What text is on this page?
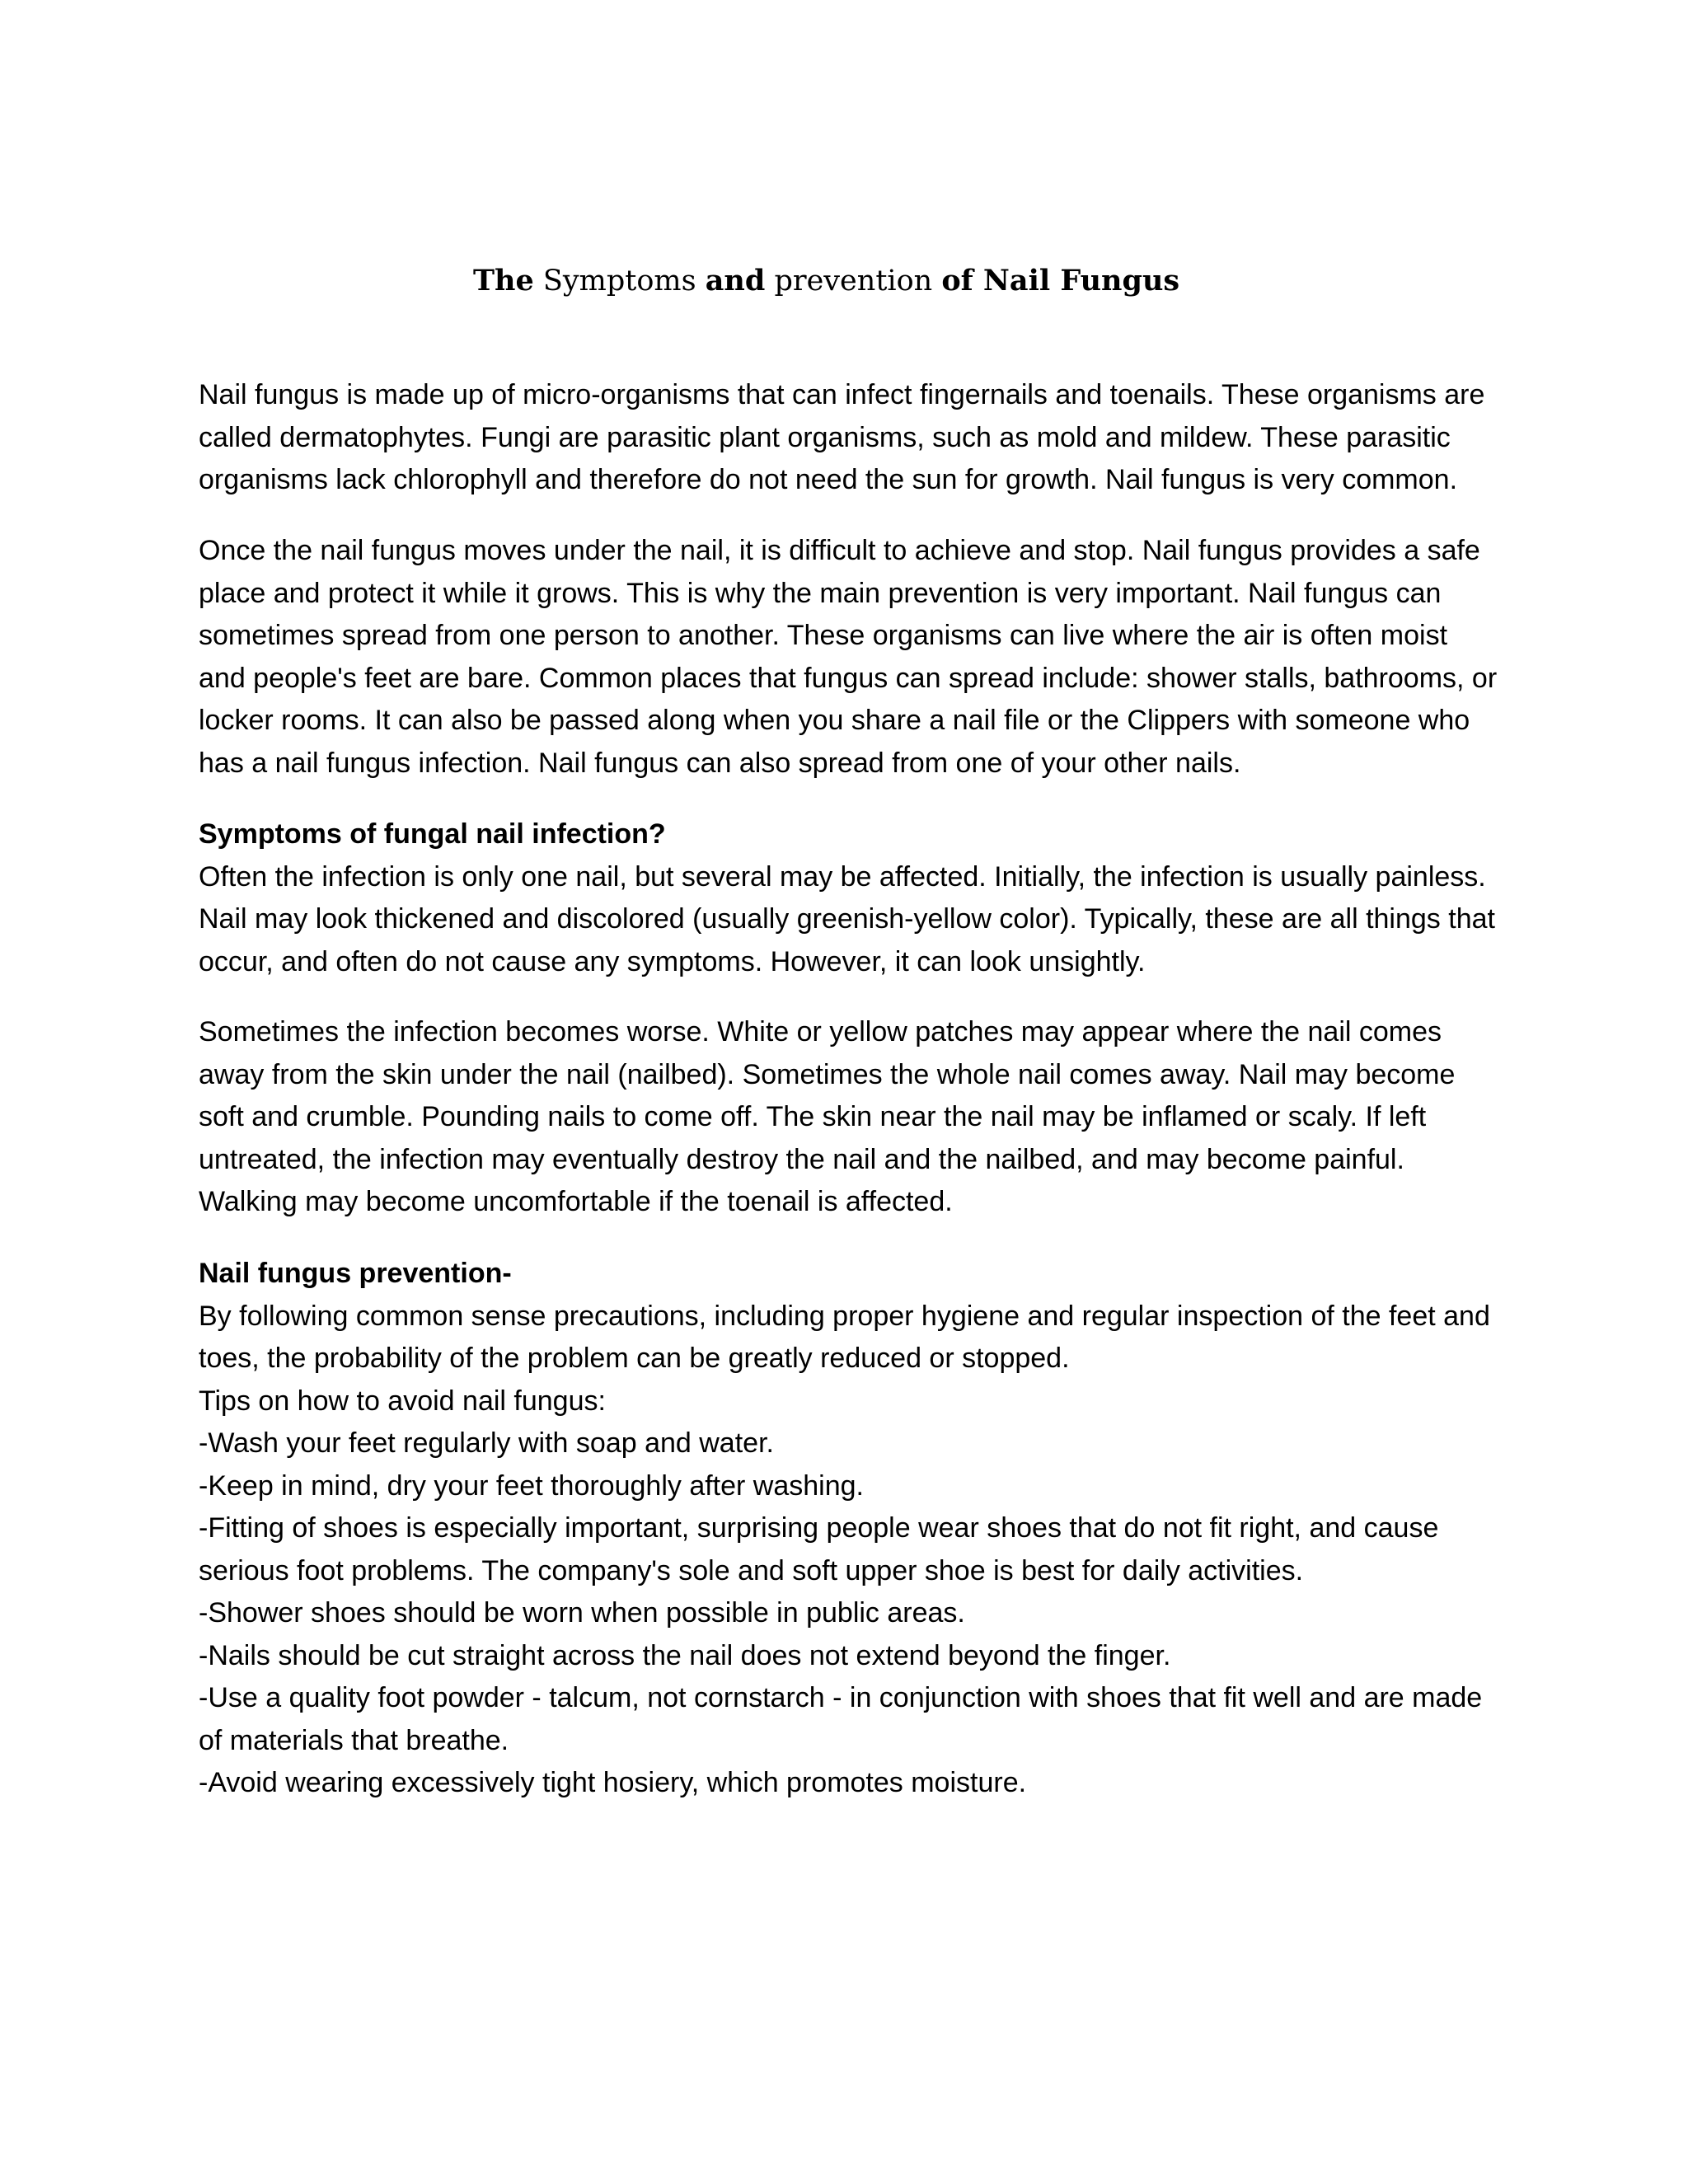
The Symptoms and prevention of Nail Fungus

Nail fungus is made up of micro-organisms that can infect fingernails and toenails. These organisms are called dermatophytes. Fungi are parasitic plant organisms, such as mold and mildew. These parasitic organisms lack chlorophyll and therefore do not need the sun for growth. Nail fungus is very common.

Once the nail fungus moves under the nail, it is difficult to achieve and stop. Nail fungus provides a safe place and protect it while it grows. This is why the main prevention is very important. Nail fungus can sometimes spread from one person to another. These organisms can live where the air is often moist and people's feet are bare. Common places that fungus can spread include: shower stalls, bathrooms, or locker rooms. It can also be passed along when you share a nail file or the Clippers with someone who has a nail fungus infection. Nail fungus can also spread from one of your other nails.

Symptoms of fungal nail infection?

Often the infection is only one nail, but several may be affected. Initially, the infection is usually painless. Nail may look thickened and discolored (usually greenish-yellow color). Typically, these are all things that occur, and often do not cause any symptoms. However, it can look unsightly.

Sometimes the infection becomes worse. White or yellow patches may appear where the nail comes away from the skin under the nail (nailbed). Sometimes the whole nail comes away. Nail may become soft and crumble. Pounding nails to come off. The skin near the nail may be inflamed or scaly. If left untreated, the infection may eventually destroy the nail and the nailbed, and may become painful. Walking may become uncomfortable if the toenail is affected.

Nail fungus prevention-

By following common sense precautions, including proper hygiene and regular inspection of the feet and toes, the probability of the problem can be greatly reduced or stopped.

Tips on how to avoid nail fungus:

-Wash your feet regularly with soap and water.

-Keep in mind, dry your feet thoroughly after washing.

-Fitting of shoes is especially important, surprising people wear shoes that do not fit right, and cause serious foot problems. The company's sole and soft upper shoe is best for daily activities.

-Shower shoes should be worn when possible in public areas.

-Nails should be cut straight across the nail does not extend beyond the finger.

-Use a quality foot powder - talcum, not cornstarch - in conjunction with shoes that fit well and are made of materials that breathe.

-Avoid wearing excessively tight hosiery, which promotes moisture.
